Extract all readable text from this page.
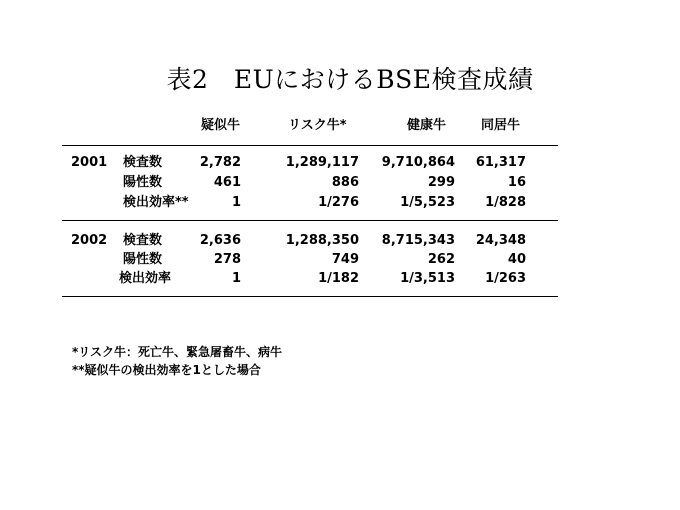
表2　EUにおけるBSE検査成績
疑似牛	リスク牛*	健康牛	同居牛
2001 検査数	2,782	1,289,117	9,710,864	61,317
陽性数	461	886	299	16
検出効率**	1	1/276	1/5,523	1/828
2002 検査数	2,636	1,288,350	8,715,343	24,348
陽性数	278	749	262	40
検出効率	1	1/182	1/3,513	1/263
*リスク牛：死亡牛、緊急屠畜牛、病牛
**疑似牛の検出効率を1とした場合
